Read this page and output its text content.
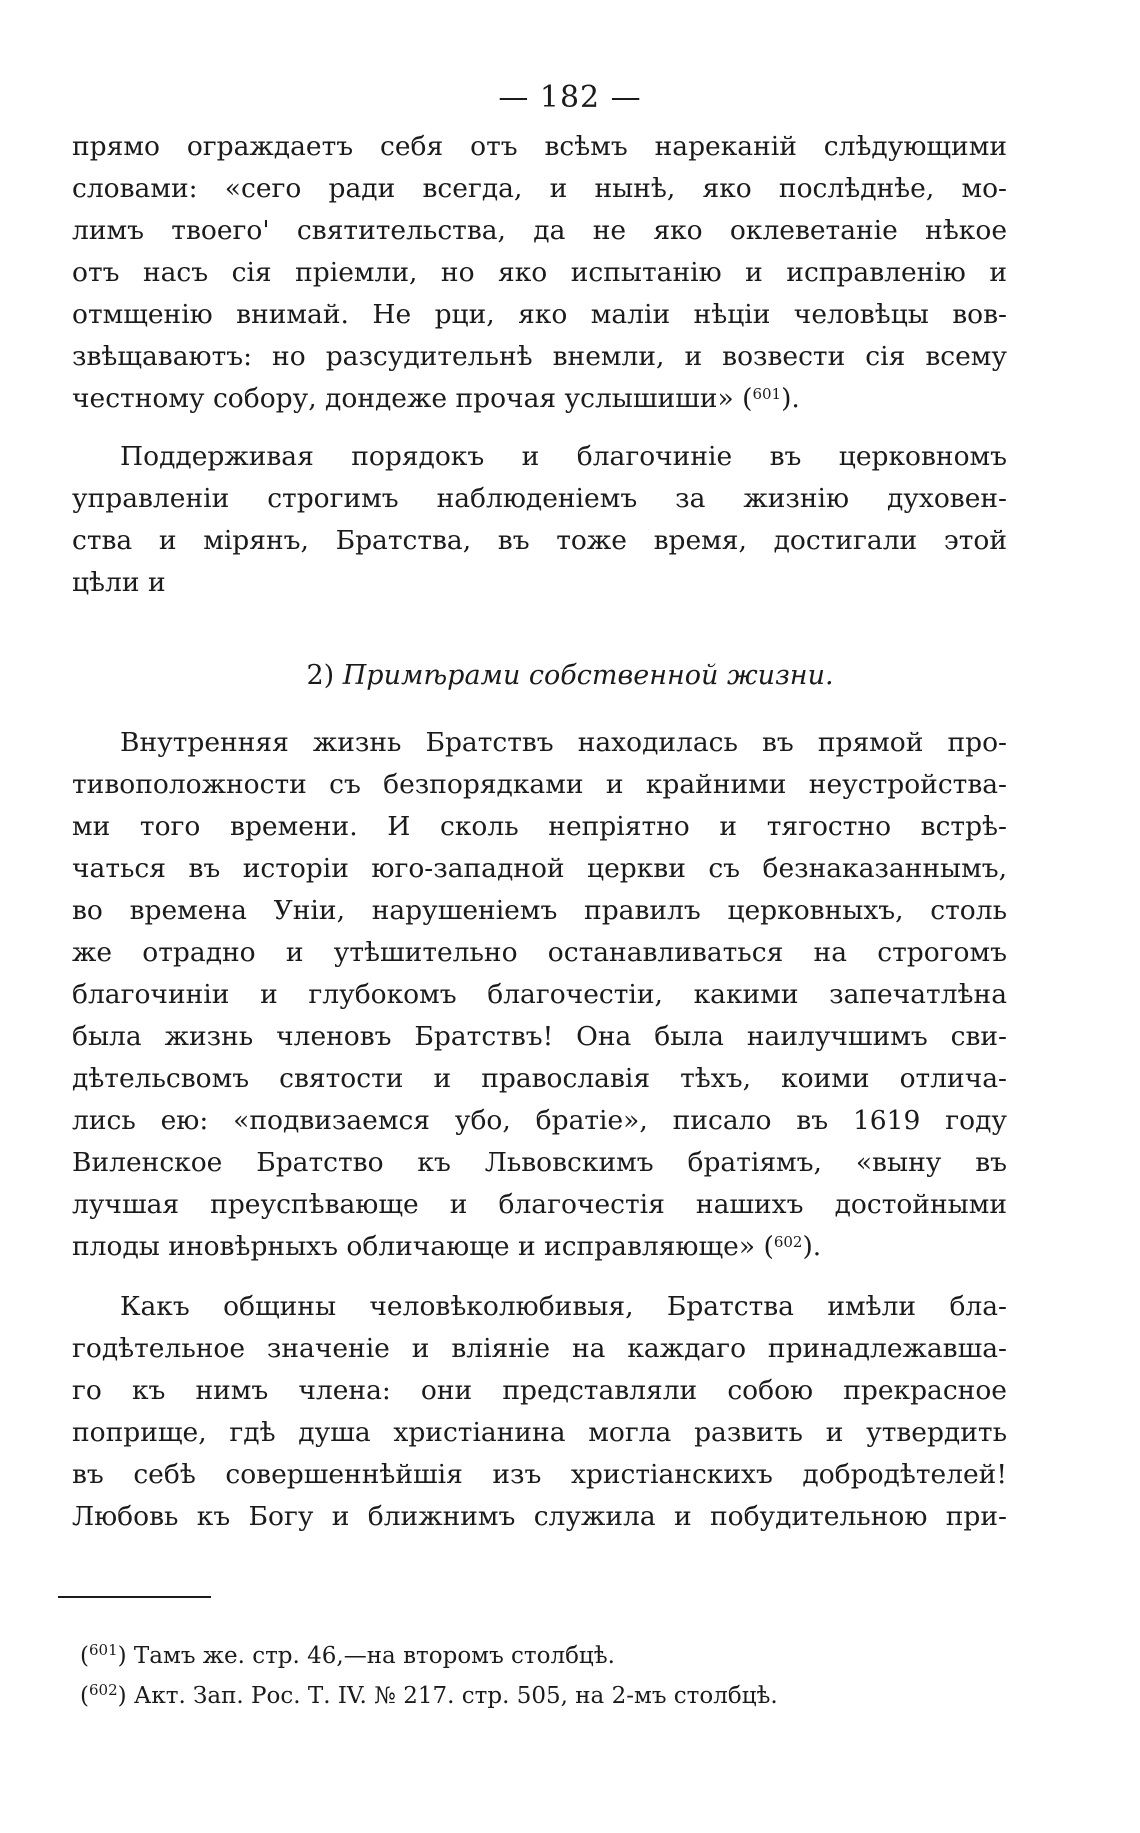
— 182 —
прямо ограждаетъ себя отъ всѣмъ нареканій слѣдующими
словами: «сего ради всегда, и нынѣ, яко послѣднѣе, мо-
лимъ твоего' святительства, да не яко оклеветаніе нѣкое
отъ насъ сія пріемли, но яко испытанію и исправленію и
отмщенію внимай. Не рци, яко маліи нѣціи человѣцы вов-
звѣщаваютъ: но разсудительнѣ внемли, и возвести сія всему
честному собору, дондеже прочая услышиши» ($^{601}$).
Поддерживая порядокъ и благочиніе въ церковномъ
управленіи строгимъ наблюденіемъ за жизнію духовен-
ства и мірянъ, Братства, въ тоже время, достигали этой
цѣли и
2) Примѣрами собственной жизни.
Внутренняя жизнь Братствъ находилась въ прямой про-
тивоположности съ безпорядками и крайними неустройства-
ми того времени. И сколь непріятно и тягостно встрѣ-
чаться въ исторіи юго-западной церкви съ безнаказаннымъ,
во времена Уніи, нарушеніемъ правилъ церковныхъ, столь
же отрадно и утѣшительно останавливаться на строгомъ
благочиніи и глубокомъ благочестіи, какими запечатлѣна
была жизнь членовъ Братствъ! Она была наилучшимъ сви-
дѣтельсвомъ святости и православія тѣхъ, коими отлича-
лись ею: «подвизаемся убо, братіе», писало въ 1619 году
Виленское Братство къ Львовскимъ братіямъ, «выну въ
лучшая преуспѣвающе и благочестія нашихъ достойными
плоды иновѣрныхъ обличающе и исправляюще» ($^{602}$).
Какъ общины человѣколюбивыя, Братства имѣли бла-
годѣтельное значеніе и вліяніе на каждаго принадлежавша-
го къ нимъ члена: они представляли собою прекрасное
поприще, гдѣ душа христіанина могла развить и утвердить
въ себѣ совершеннѣйшія изъ христіанскихъ добродѣтелей!
Любовь къ Богу и ближнимъ служила и побудительною при-
($^{601}$) Тамъ же. стр. 46,—на второмъ столбцѣ.
($^{602}$) Акт. Зап. Рос. Т. IV. № 217. стр. 505, на 2-мъ столбцѣ.
